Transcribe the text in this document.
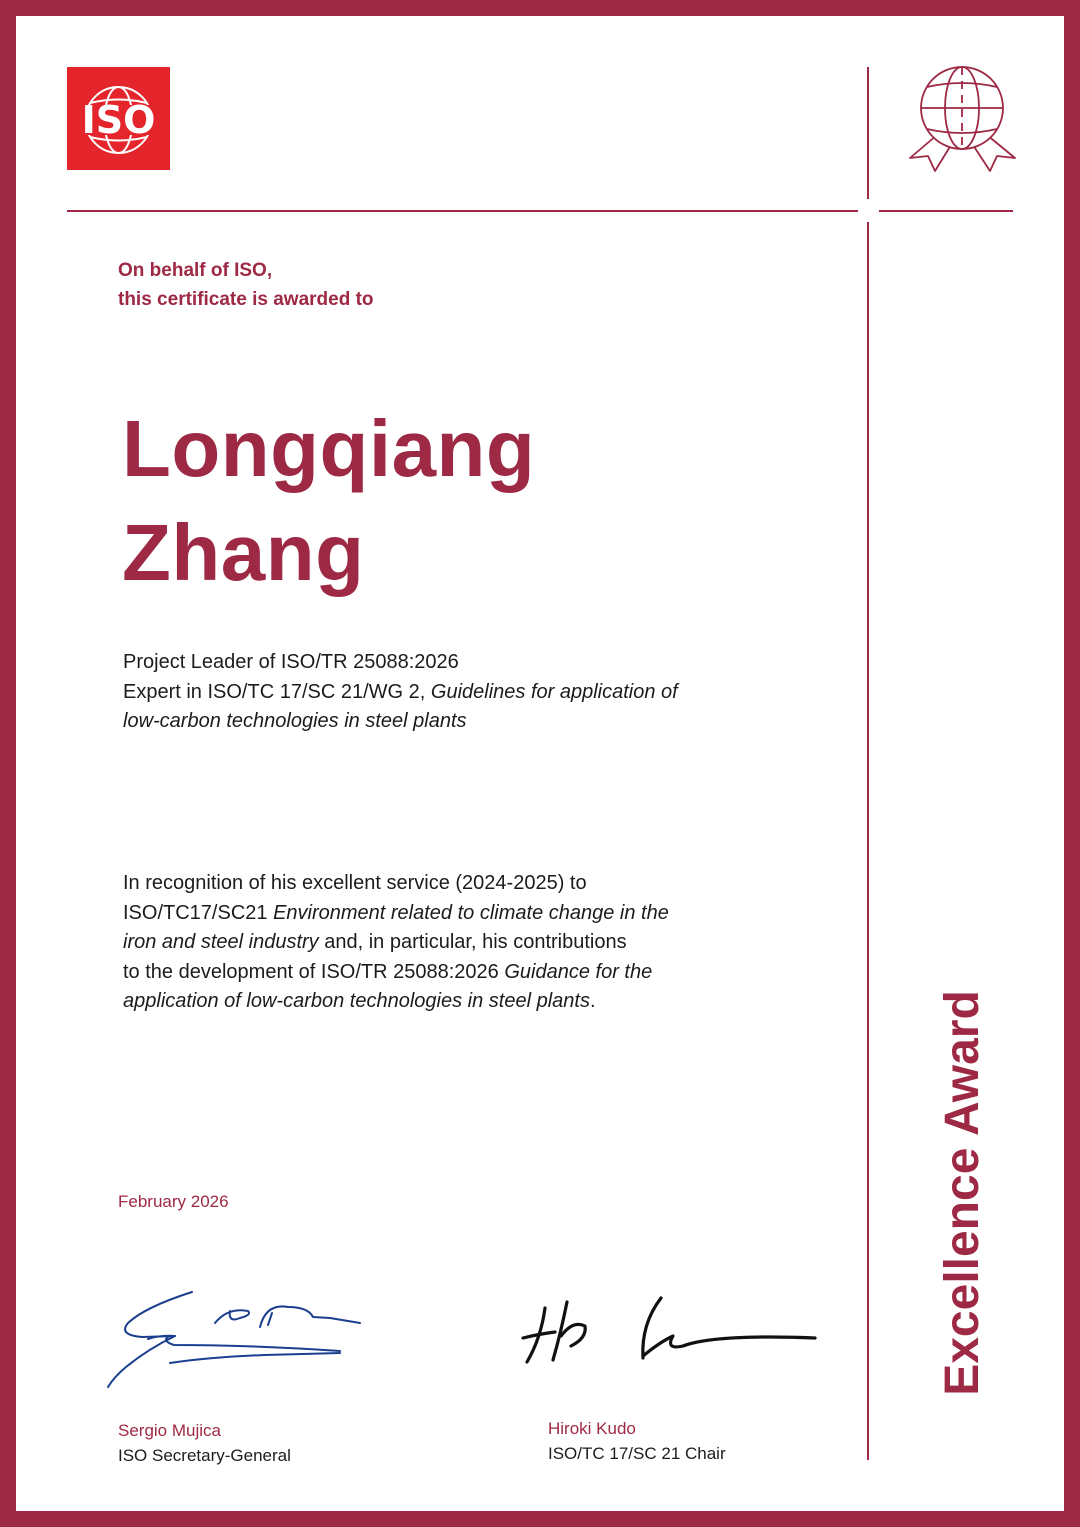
ISO
On behalf of ISO,
this certificate is awarded to
Longqiang
Zhang
Project Leader of ISO/TR 25088:2026
Expert in ISO/TC 17/SC 21/WG 2, Guidelines for application of
low-carbon technologies in steel plants
In recognition of his excellent service (2024-2025) to
ISO/TC17/SC21 Environment related to climate change in the
iron and steel industry and, in particular, his contributions
to the development of ISO/TR 25088:2026 Guidance for the
application of low-carbon technologies in steel plants.
February 2026
Sergio Mujica
ISO Secretary-General
Hiroki Kudo
ISO/TC 17/SC 21 Chair
Excellence Award
